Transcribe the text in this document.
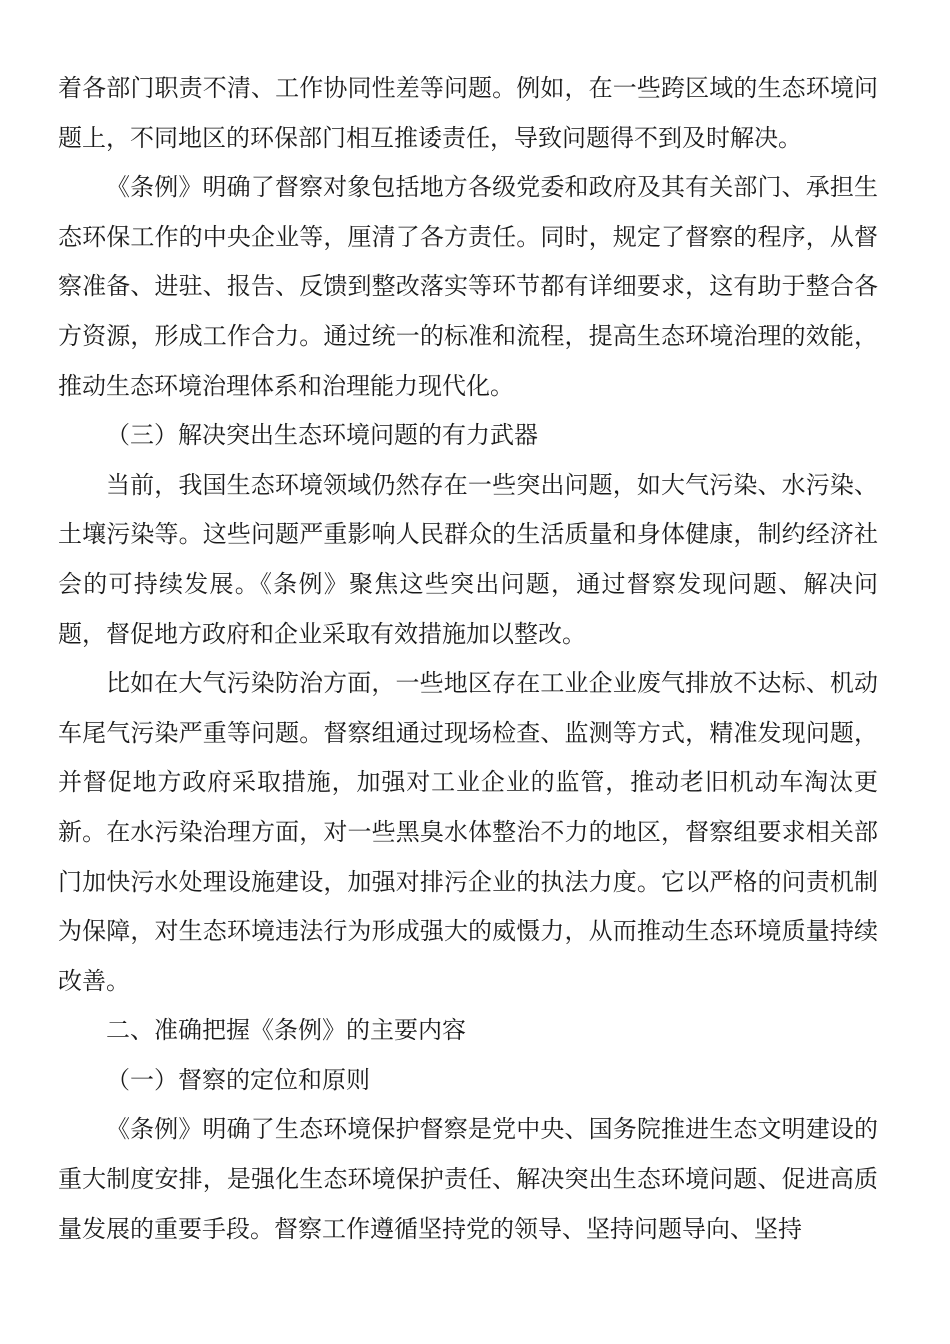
着各部门职责不清、工作协同性差等问题。例如，在一些跨区域的生态环境问题上，不同地区的环保部门相互推诿责任，导致问题得不到及时解决。

《条例》明确了督察对象包括地方各级党委和政府及其有关部门、承担生态环保工作的中央企业等，厘清了各方责任。同时，规定了督察的程序，从督察准备、进驻、报告、反馈到整改落实等环节都有详细要求，这有助于整合各方资源，形成工作合力。通过统一的标准和流程，提高生态环境治理的效能，推动生态环境治理体系和治理能力现代化。

（三）解决突出生态环境问题的有力武器

当前，我国生态环境领域仍然存在一些突出问题，如大气污染、水污染、土壤污染等。这些问题严重影响人民群众的生活质量和身体健康，制约经济社会的可持续发展。《条例》聚焦这些突出问题，通过督察发现问题、解决问题，督促地方政府和企业采取有效措施加以整改。

比如在大气污染防治方面，一些地区存在工业企业废气排放不达标、机动车尾气污染严重等问题。督察组通过现场检查、监测等方式，精准发现问题，并督促地方政府采取措施，加强对工业企业的监管，推动老旧机动车淘汰更新。在水污染治理方面，对一些黑臭水体整治不力的地区，督察组要求相关部门加快污水处理设施建设，加强对排污企业的执法力度。它以严格的问责机制为保障，对生态环境违法行为形成强大的威慑力，从而推动生态环境质量持续改善。

二、准确把握《条例》的主要内容

（一）督察的定位和原则

《条例》明确了生态环境保护督察是党中央、国务院推进生态文明建设的重大制度安排，是强化生态环境保护责任、解决突出生态环境问题、促进高质量发展的重要手段。督察工作遵循坚持党的领导、坚持问题导向、坚持
